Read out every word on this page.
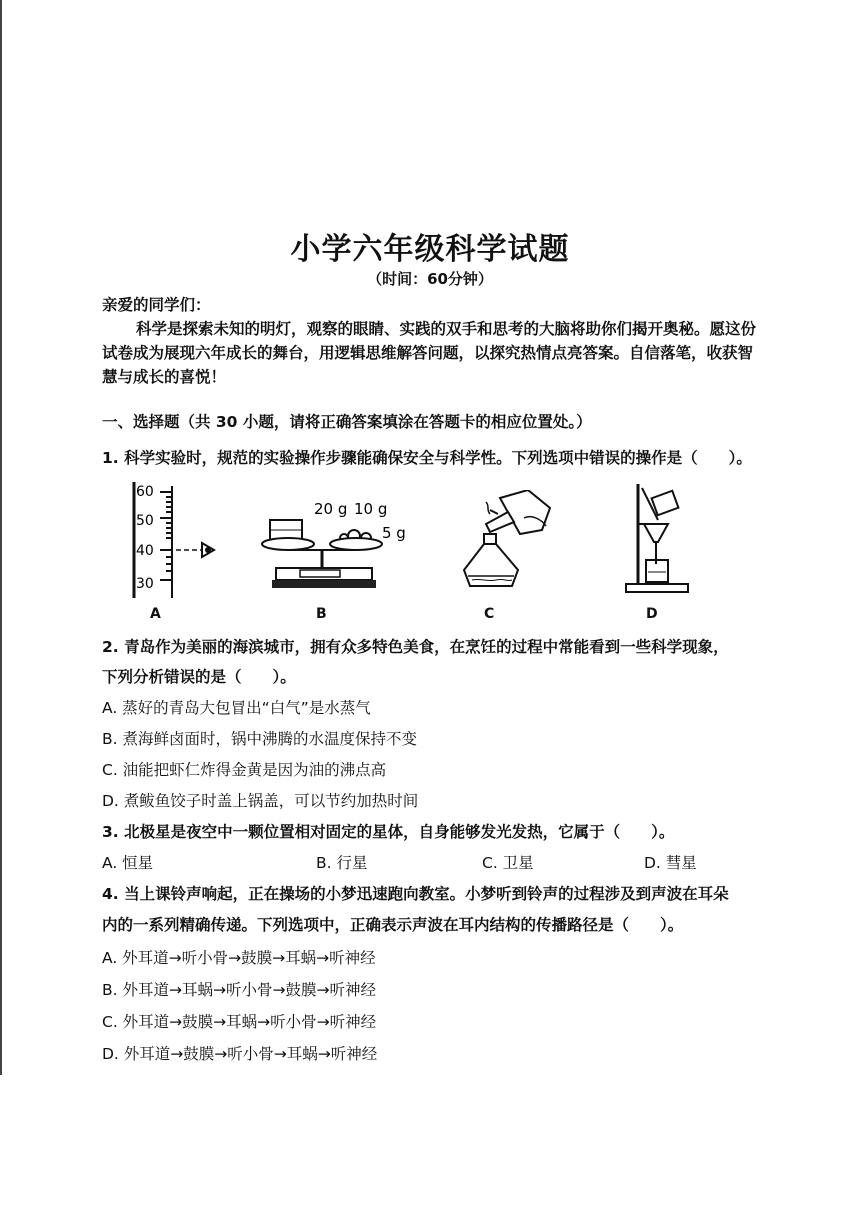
小学六年级科学试题
（时间：60分钟）
亲爱的同学们：
科学是探索未知的明灯，观察的眼睛、实践的双手和思考的大脑将助你们揭开奥秘。愿这份
试卷成为展现六年成长的舞台，用逻辑思维解答问题，以探究热情点亮答案。自信落笔，收获智
慧与成长的喜悦！
一、选择题（共 30 小题，请将正确答案填涂在答题卡的相应位置处。）
1. 科学实验时，规范的实验操作步骤能确保安全与科学性。下列选项中错误的操作是（　　）。
60
50
40
30
20 g 10 g
5 g
A	B	C	D
2. 青岛作为美丽的海滨城市，拥有众多特色美食，在烹饪的过程中常能看到一些科学现象，
下列分析错误的是（　　）。
A. 蒸好的青岛大包冒出“白气”是水蒸气
B. 煮海鲜卤面时，锅中沸腾的水温度保持不变
C. 油能把虾仁炸得金黄是因为油的沸点高
D. 煮鲅鱼饺子时盖上锅盖，可以节约加热时间
3. 北极星是夜空中一颗位置相对固定的星体，自身能够发光发热，它属于（　　）。
A. 恒星	B. 行星	C. 卫星	D. 彗星
4. 当上课铃声响起，正在操场的小梦迅速跑向教室。小梦听到铃声的过程涉及到声波在耳朵
内的一系列精确传递。下列选项中，正确表示声波在耳内结构的传播路径是（　　）。
A. 外耳道→听小骨→鼓膜→耳蜗→听神经
B. 外耳道→耳蜗→听小骨→鼓膜→听神经
C. 外耳道→鼓膜→耳蜗→听小骨→听神经
D. 外耳道→鼓膜→听小骨→耳蜗→听神经
